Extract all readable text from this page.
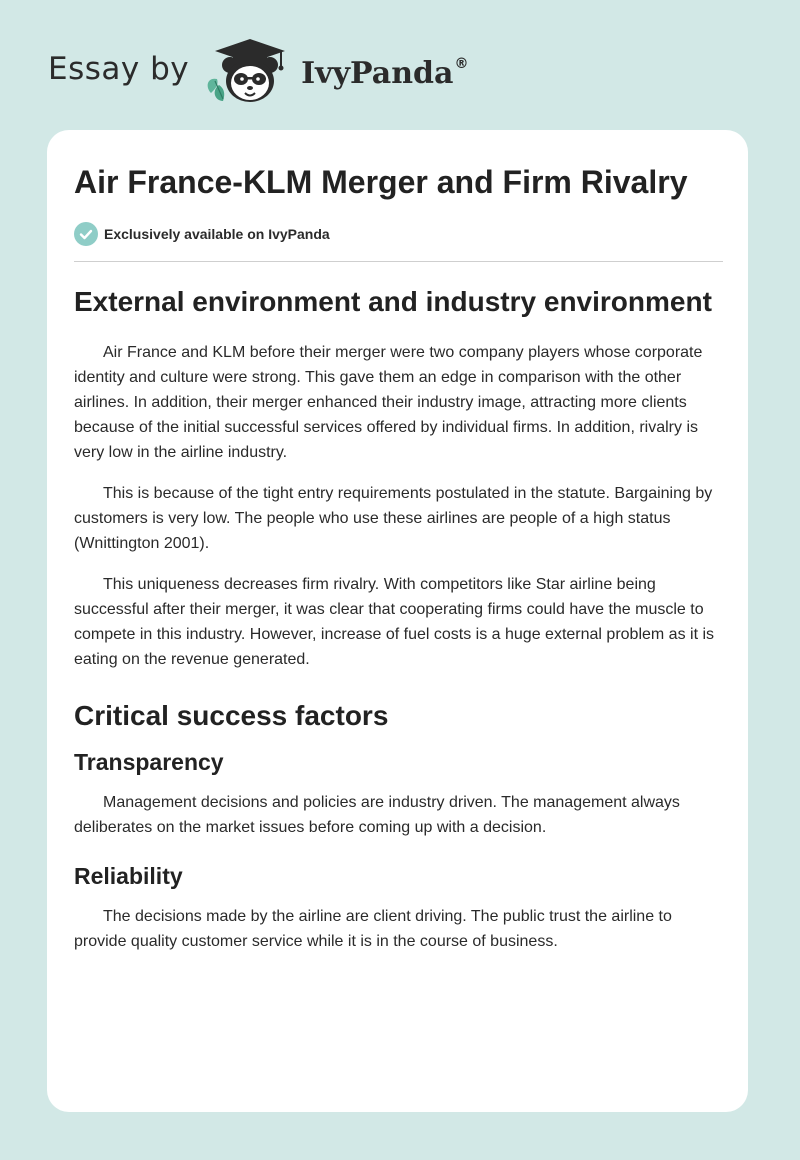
Essay by	IvyPanda®
Air France-KLM Merger and Firm Rivalry
Exclusively available on IvyPanda
External environment and industry environment

Air France and KLM before their merger were two company players whose corporate identity and culture were strong. This gave them an edge in comparison with the other airlines. In addition, their merger enhanced their industry image, attracting more clients because of the initial successful services offered by individual firms. In addition, rivalry is very low in the airline industry.

This is because of the tight entry requirements postulated in the statute. Bargaining by customers is very low. The people who use these airlines are people of a high status (Wnittington 2001).

This uniqueness decreases firm rivalry. With competitors like Star airline being successful after their merger, it was clear that cooperating firms could have the muscle to compete in this industry. However, increase of fuel costs is a huge external problem as it is eating on the revenue generated.

Critical success factors
Transparency

Management decisions and policies are industry driven. The management always deliberates on the market issues before coming up with a decision.

Reliability

The decisions made by the airline are client driving. The public trust the airline to provide quality customer service while it is in the course of business.
